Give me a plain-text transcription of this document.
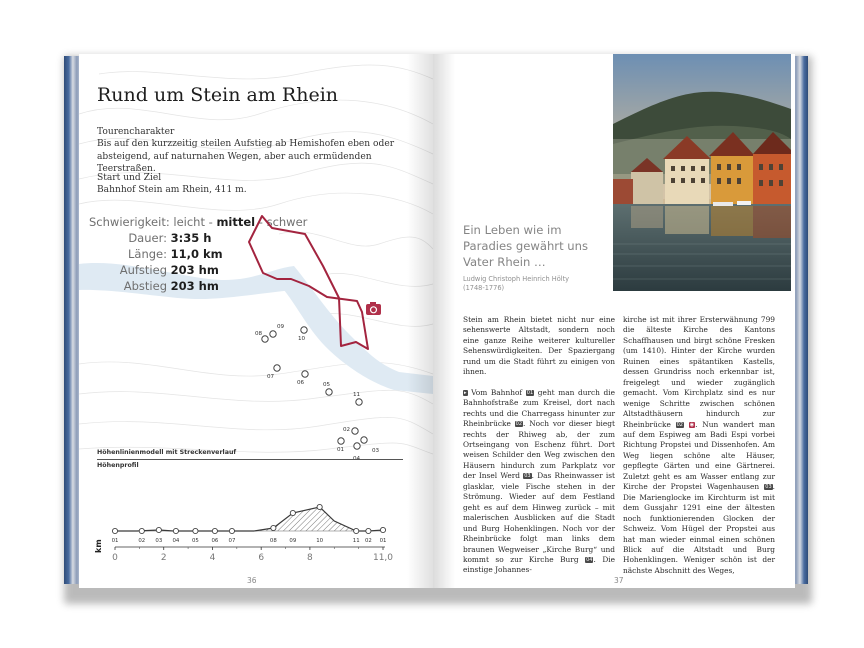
Rund um Stein am Rhein
Tourencharakter
Bis auf den kurzzeitig steilen Aufstieg ab Hemishofen eben oder absteigend, auf naturnahen Wegen, aber auch ermüdenden Teerstraßen.
Start und Ziel
Bahnhof Stein am Rhein, 411 m.
Schwierigkeit: leicht - mittel - schwer
Dauer: 3:35 h
Länge: 11,0 km
Aufstieg 203 hm
Abstieg 203 hm
01
02
03
05
06
07
08
09
10
11
Höhenlinienmodell mit Streckenverlauf
Höhenprofil
01	02 03 04 05 06 07	08 09	10	11 02 01
km
0	2	4	6	8	11,0
36
Ein Leben wie im Paradies gewährt uns Vater Rhein …
Ludwig Christoph Heinrich Hölty
(1748-1776)

Stein am Rhein bietet nicht nur eine sehenswerte Altstadt, sondern noch eine ganze Reihe weiterer kultureller Sehenswürdigkeiten. Der Spaziergang rund um die Stadt führt zu einigen von ihnen.

▸ Vom Bahnhof 01 geht man durch die Bahnhofstraße zum Kreisel, dort nach rechts und die Charregass hinunter zur Rheinbrücke 02. Noch vor dieser biegt rechts der Rhiweg ab, der zum Ortseingang von Eschenz führt. Dort weisen Schilder den Weg zwischen den Häusern hindurch zum Parkplatz vor der Insel Werd 03. Das Rheinwasser ist glasklar, viele Fische stehen in der Strömung. Wieder auf dem Festland geht es auf dem Hinweg zurück – mit malerischen Ausblicken auf die Stadt und Burg Hohenklingen. Noch vor der Rheinbrücke folgt man links dem braunen Wegweiser „Kirche Burg“ und kommt so zur Kirche Burg 04. Die einstige Johannes-

kirche ist mit ihrer Ersterwähnung 799 die älteste Kirche des Kantons Schaffhausen und birgt schöne Fresken (um 1410). Hinter der Kirche wurden Ruinen eines spätantiken Kastells, dessen Grundriss noch erkennbar ist, freigelegt und wieder zugänglich gemacht. Vom Kirchplatz sind es nur wenige Schritte zwischen schönen Altstadthäusern hindurch zur Rheinbrücke 02 ◉. Nun wandert man auf dem Espiweg am Badi Espi vorbei Richtung Propstei und Dissenhofen. Am Weg liegen schöne alte Häuser, gepflegte Gärten und eine Gärtnerei. Zuletzt geht es am Wasser entlang zur Kirche der Propstei Wagenhausen 03. Die Marienglocke im Kirchturm ist mit dem Gussjahr 1291 eine der ältesten noch funktionierenden Glocken der Schweiz. Vom Hügel der Propstei aus hat man wieder einmal einen schönen Blick auf die Altstadt und Burg Hohenklingen. Weniger schön ist der nächste Abschnitt des Weges,

37
